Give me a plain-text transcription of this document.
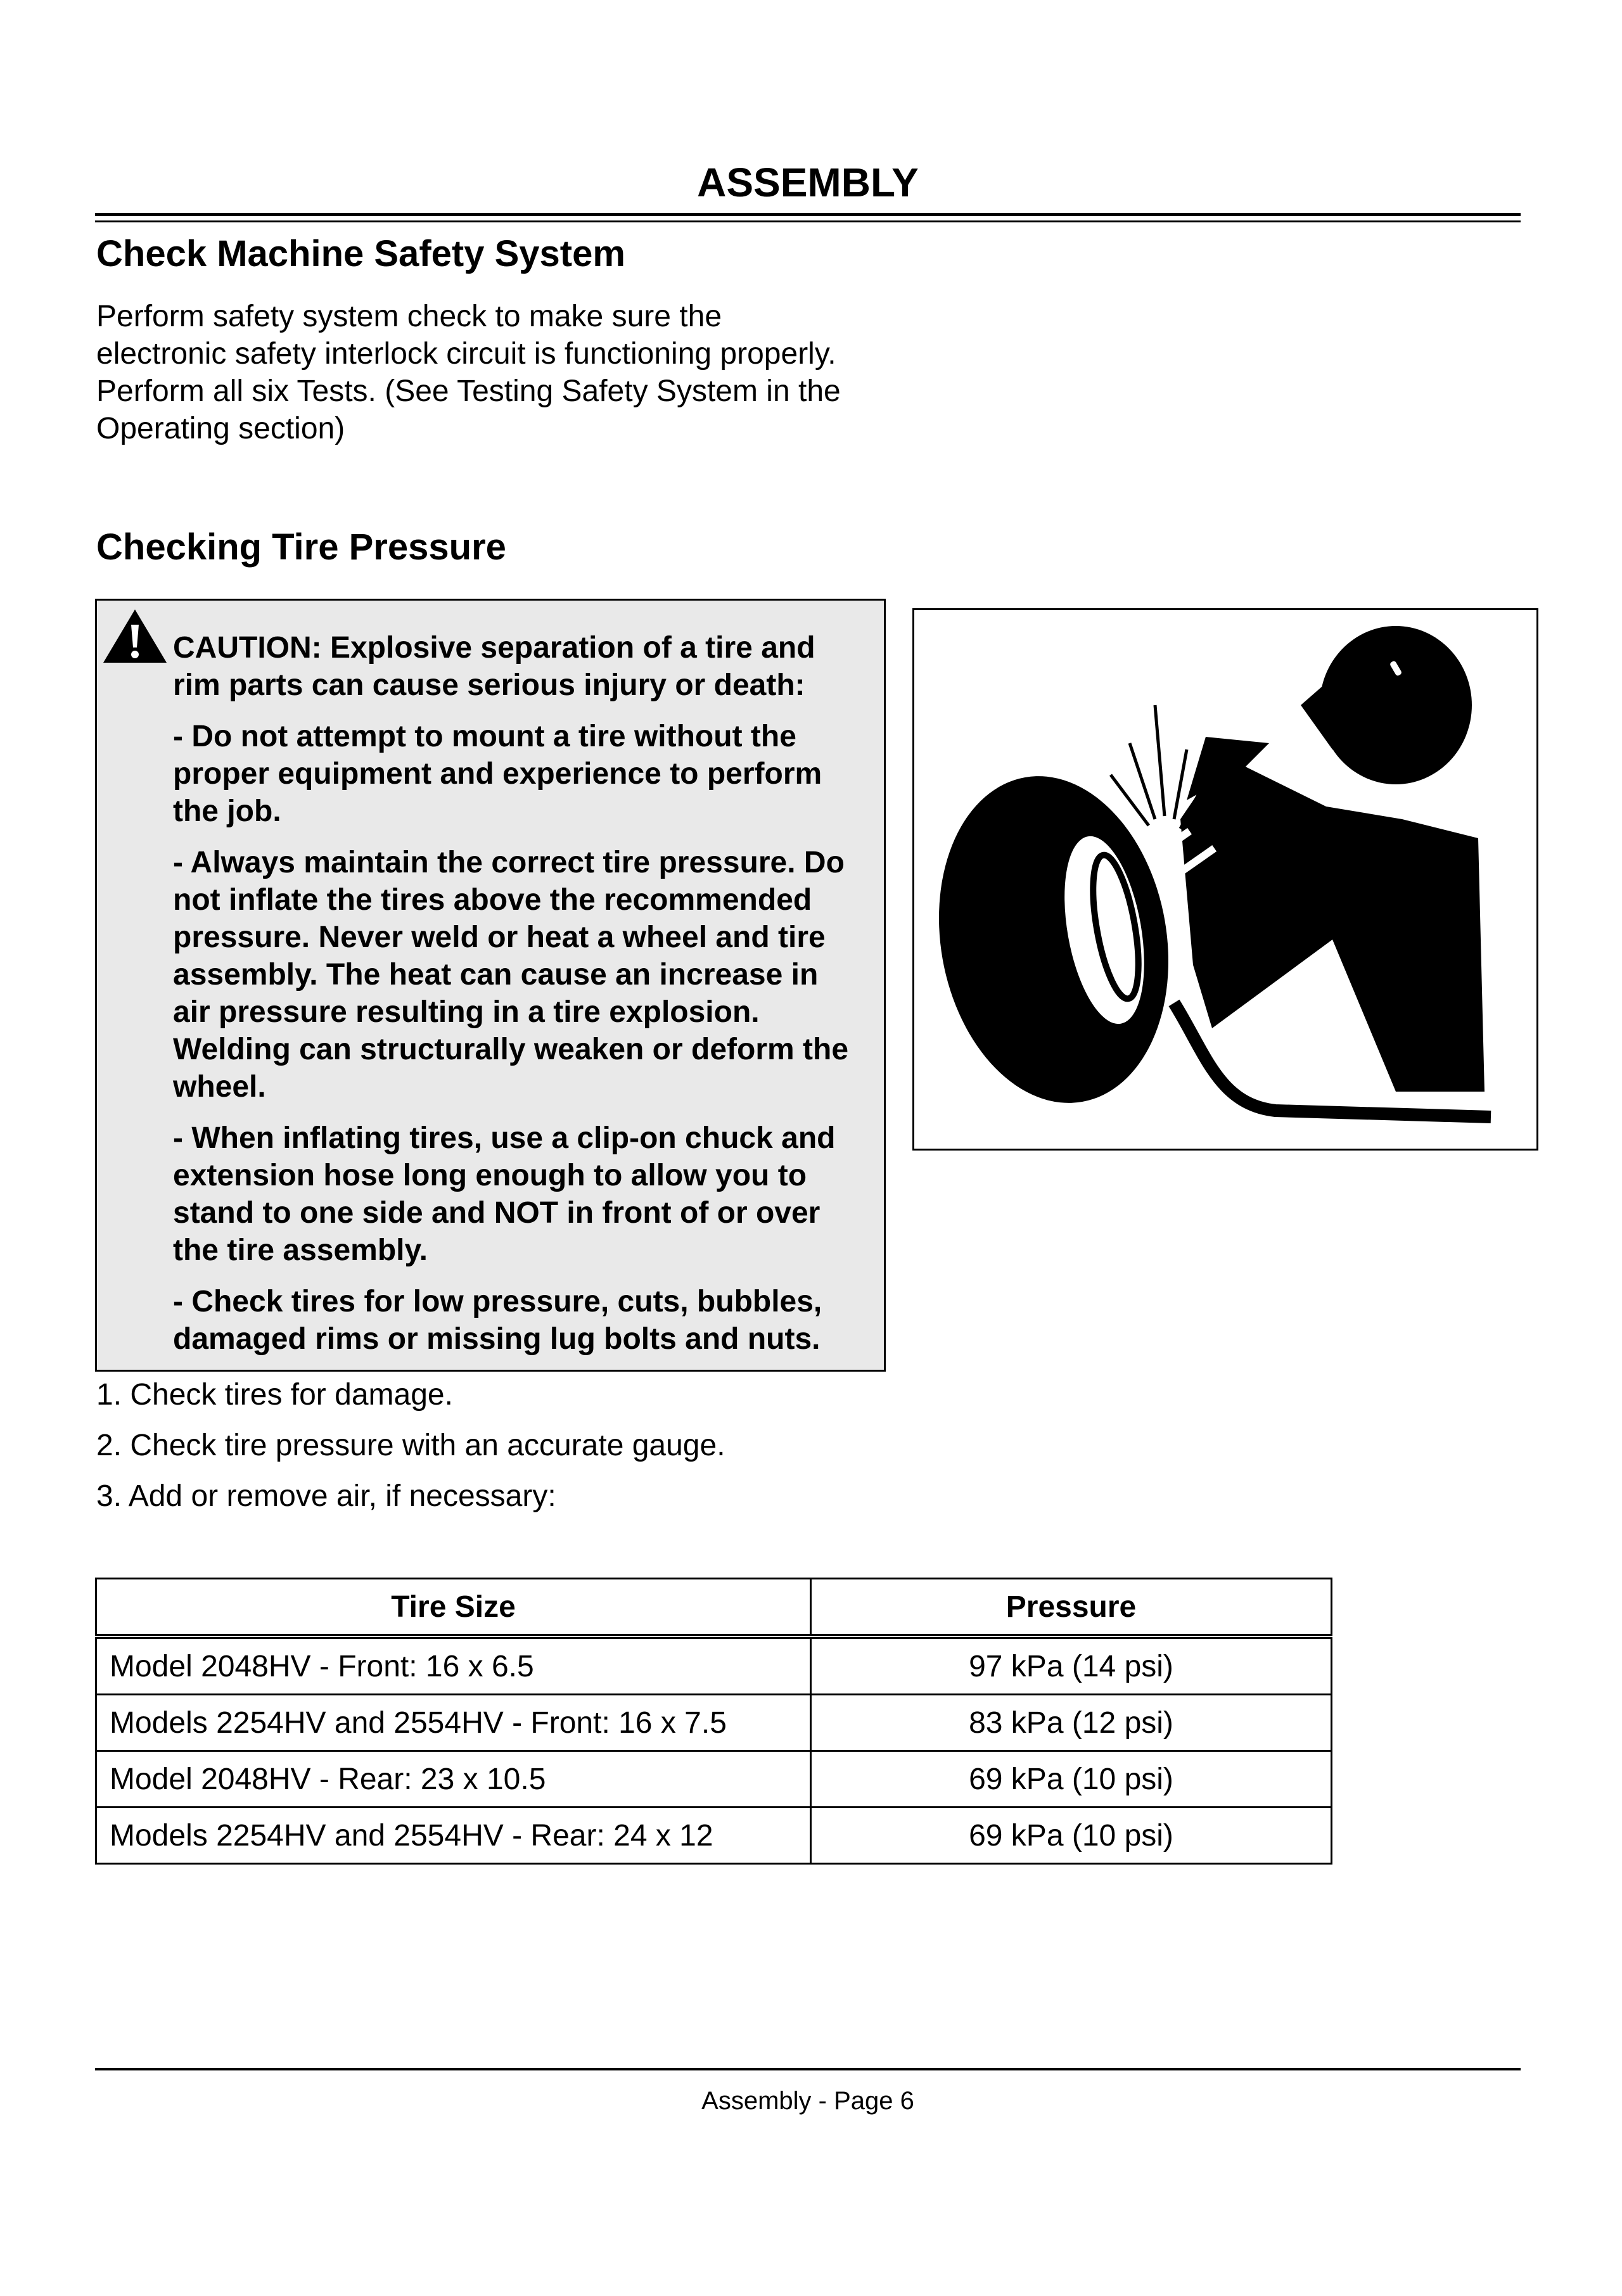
ASSEMBLY
Check Machine Safety System
Perform safety system check to make sure the
electronic safety interlock circuit is functioning properly.
Perform all six Tests. (See Testing Safety System in the
Operating section)
Checking Tire Pressure

CAUTION: Explosive separation of a tire and
rim parts can cause serious injury or death:

- Do not attempt to mount a tire without the
proper equipment and experience to perform
the job.

- Always maintain the correct tire pressure. Do
not inflate the tires above the recommended
pressure. Never weld or heat a wheel and tire
assembly. The heat can cause an increase in
air pressure resulting in a tire explosion.
Welding can structurally weaken or deform the
wheel.

- When inflating tires, use a clip-on chuck and
extension hose long enough to allow you to
stand to one side and NOT in front of or over
the tire assembly.

- Check tires for low pressure, cuts, bubbles,
damaged rims or missing lug bolts and nuts.

1. Check tires for damage.
2. Check tire pressure with an accurate gauge.
3. Add or remove air, if necessary:
Tire Size	Pressure
Model 2048HV - Front: 16 x 6.5	97 kPa (14 psi)
Models 2254HV and 2554HV - Front: 16 x 7.5	83 kPa (12 psi)
Model 2048HV - Rear: 23 x 10.5	69 kPa (10 psi)
Models 2254HV and 2554HV - Rear: 24 x 12	69 kPa (10 psi)
Assembly - Page 6
